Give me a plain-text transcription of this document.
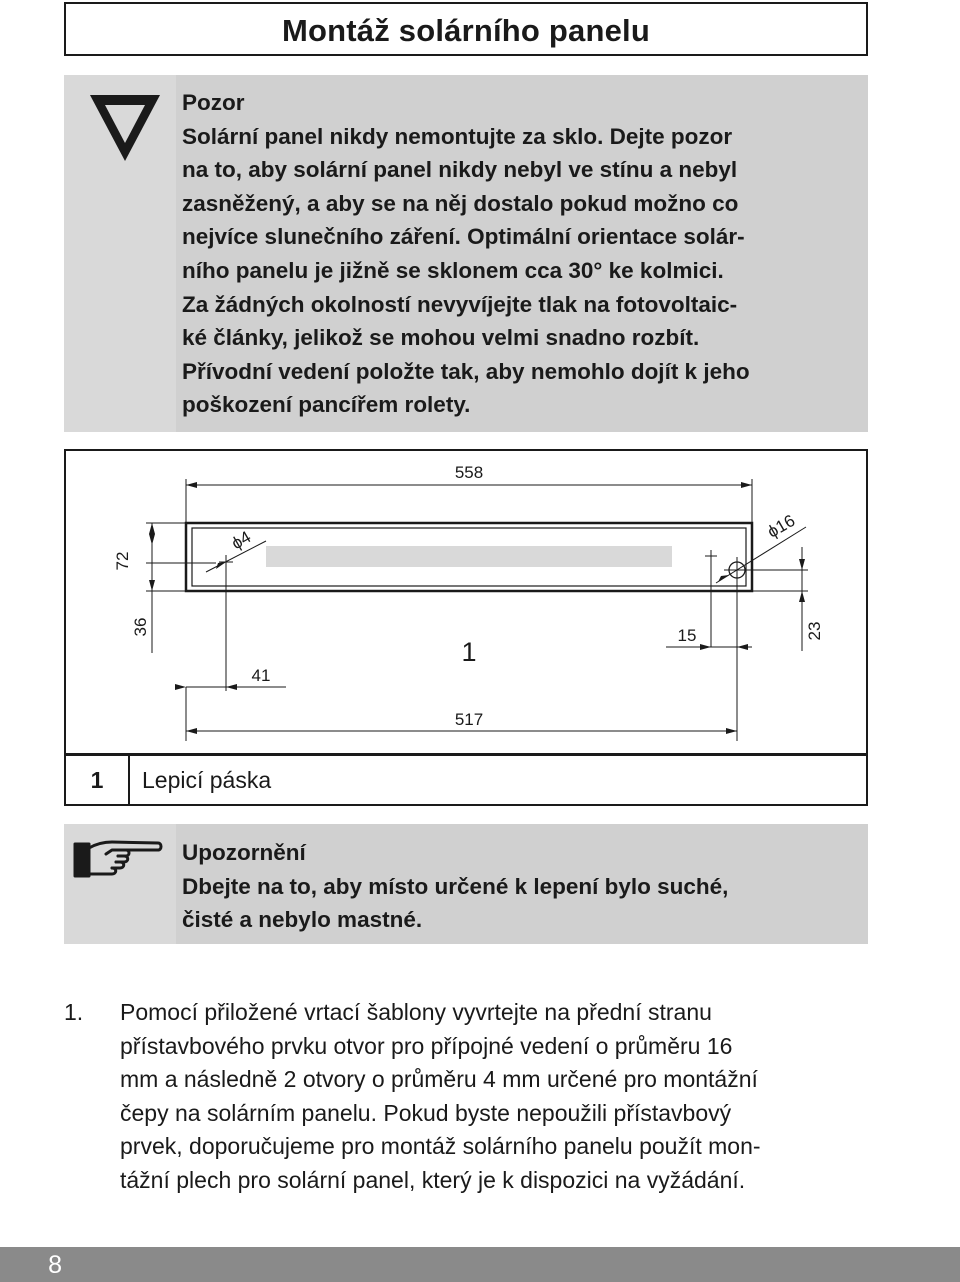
Montáž solárního panelu
Pozor
Solární panel nikdy nemontujte za sklo. Dejte pozor
na to, aby solární panel nikdy nebyl ve stínu a nebyl
zasněžený, a aby se na něj dostalo pokud možno co
nejvíce slunečního záření. Optimální orientace solár-
ního panelu je jižně se sklonem cca 30° ke kolmici.
Za žádných okolností nevyvíjejte tlak na fotovoltaic-
ké články, jelikož se mohou velmi snadno rozbít.
Přívodní vedení položte tak, aby nemohlo dojít k jeho
poškození pancířem rolety.
558
72
36
ϕ4
41
ϕ16
23
15
1
517
1	Lepicí páska
Upozornění
Dbejte na to, aby místo určené k lepení bylo suché,
čisté a nebylo mastné.
1. Pomocí přiložené vrtací šablony vyvrtejte na přední stranu
přístavbového prvku otvor pro přípojné vedení o průměru 16
mm a následně 2 otvory o průměru 4 mm určené pro montážní
čepy na solárním panelu. Pokud byste nepoužili přístavbový
prvek, doporučujeme pro montáž solárního panelu použít mon-
tážní plech pro solární panel, který je k dispozici na vyžádání.
8
